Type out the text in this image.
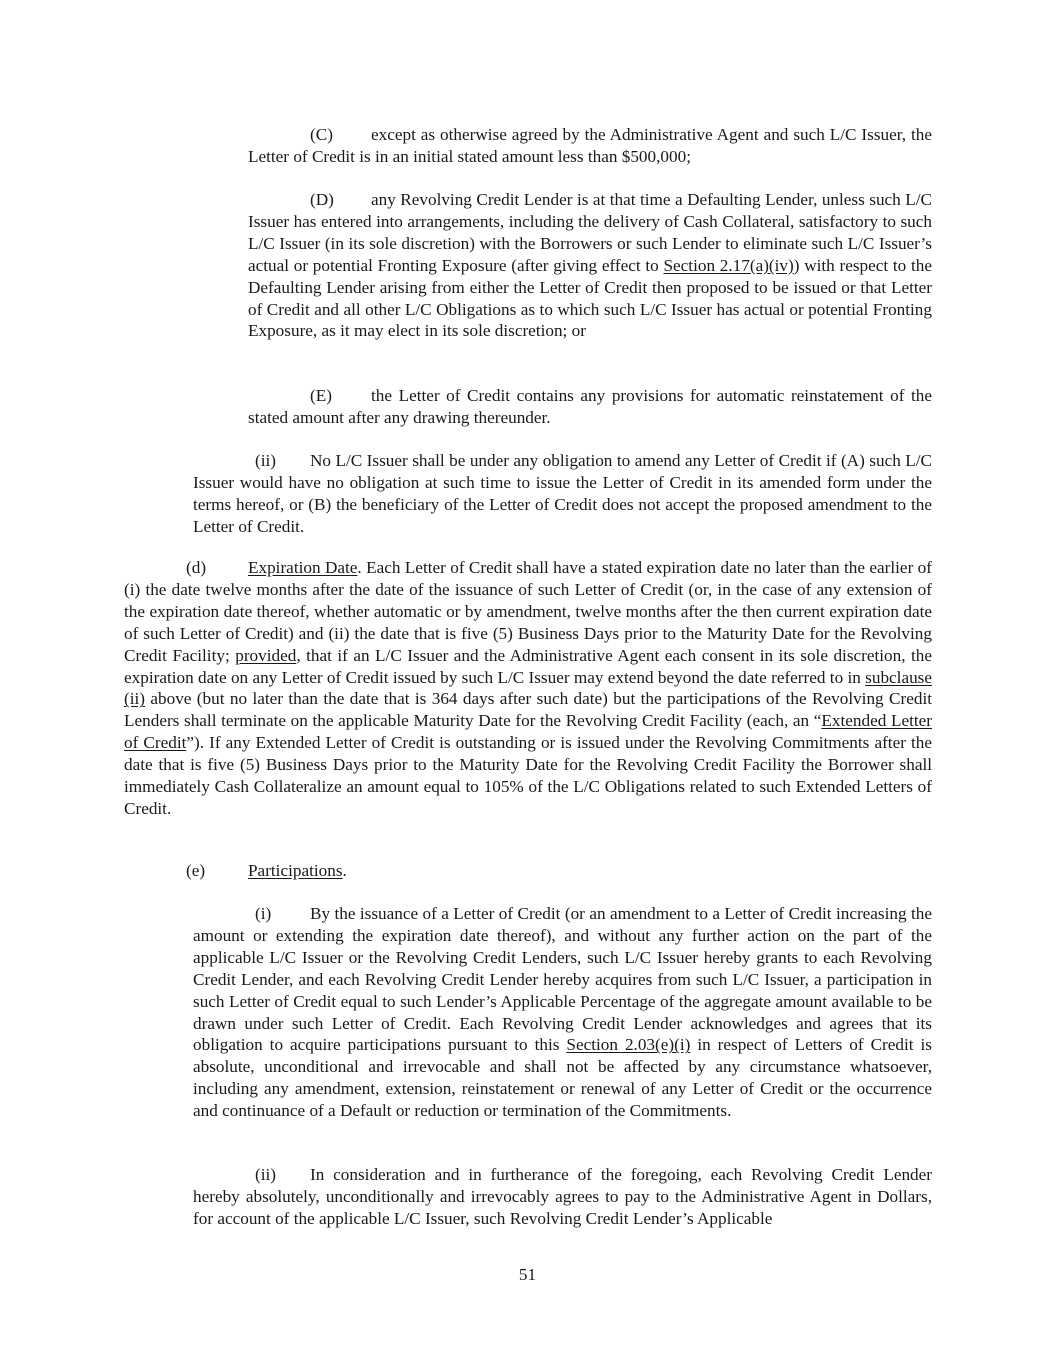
(C) except as otherwise agreed by the Administrative Agent and such L/C Issuer, the Letter of Credit is in an initial stated amount less than $500,000;

(D) any Revolving Credit Lender is at that time a Defaulting Lender, unless such L/C Issuer has entered into arrangements, including the delivery of Cash Collateral, satisfactory to such L/C Issuer (in its sole discretion) with the Borrowers or such Lender to eliminate such L/C Issuer’s actual or potential Fronting Exposure (after giving effect to Section 2.17(a)(iv)) with respect to the Defaulting Lender arising from either the Letter of Credit then proposed to be issued or that Letter of Credit and all other L/C Obligations as to which such L/C Issuer has actual or potential Fronting Exposure, as it may elect in its sole discretion; or

(E) the Letter of Credit contains any provisions for automatic reinstatement of the stated amount after any drawing thereunder.

(ii) No L/C Issuer shall be under any obligation to amend any Letter of Credit if (A) such L/C Issuer would have no obligation at such time to issue the Letter of Credit in its amended form under the terms hereof, or (B) the beneficiary of the Letter of Credit does not accept the proposed amendment to the Letter of Credit.

(d) Expiration Date. Each Letter of Credit shall have a stated expiration date no later than the earlier of (i) the date twelve months after the date of the issuance of such Letter of Credit (or, in the case of any extension of the expiration date thereof, whether automatic or by amendment, twelve months after the then current expiration date of such Letter of Credit) and (ii) the date that is five (5) Business Days prior to the Maturity Date for the Revolving Credit Facility; provided, that if an L/C Issuer and the Administrative Agent each consent in its sole discretion, the expiration date on any Letter of Credit issued by such L/C Issuer may extend beyond the date referred to in subclause (ii) above (but no later than the date that is 364 days after such date) but the participations of the Revolving Credit Lenders shall terminate on the applicable Maturity Date for the Revolving Credit Facility (each, an “Extended Letter of Credit”). If any Extended Letter of Credit is outstanding or is issued under the Revolving Commitments after the date that is five (5) Business Days prior to the Maturity Date for the Revolving Credit Facility the Borrower shall immediately Cash Collateralize an amount equal to 105% of the L/C Obligations related to such Extended Letters of Credit.

(e) Participations.

(i) By the issuance of a Letter of Credit (or an amendment to a Letter of Credit increasing the amount or extending the expiration date thereof), and without any further action on the part of the applicable L/C Issuer or the Revolving Credit Lenders, such L/C Issuer hereby grants to each Revolving Credit Lender, and each Revolving Credit Lender hereby acquires from such L/C Issuer, a participation in such Letter of Credit equal to such Lender’s Applicable Percentage of the aggregate amount available to be drawn under such Letter of Credit. Each Revolving Credit Lender acknowledges and agrees that its obligation to acquire participations pursuant to this Section 2.03(e)(i) in respect of Letters of Credit is absolute, unconditional and irrevocable and shall not be affected by any circumstance whatsoever, including any amendment, extension, reinstatement or renewal of any Letter of Credit or the occurrence and continuance of a Default or reduction or termination of the Commitments.

(ii) In consideration and in furtherance of the foregoing, each Revolving Credit Lender hereby absolutely, unconditionally and irrevocably agrees to pay to the Administrative Agent in Dollars, for account of the applicable L/C Issuer, such Revolving Credit Lender’s Applicable

51
